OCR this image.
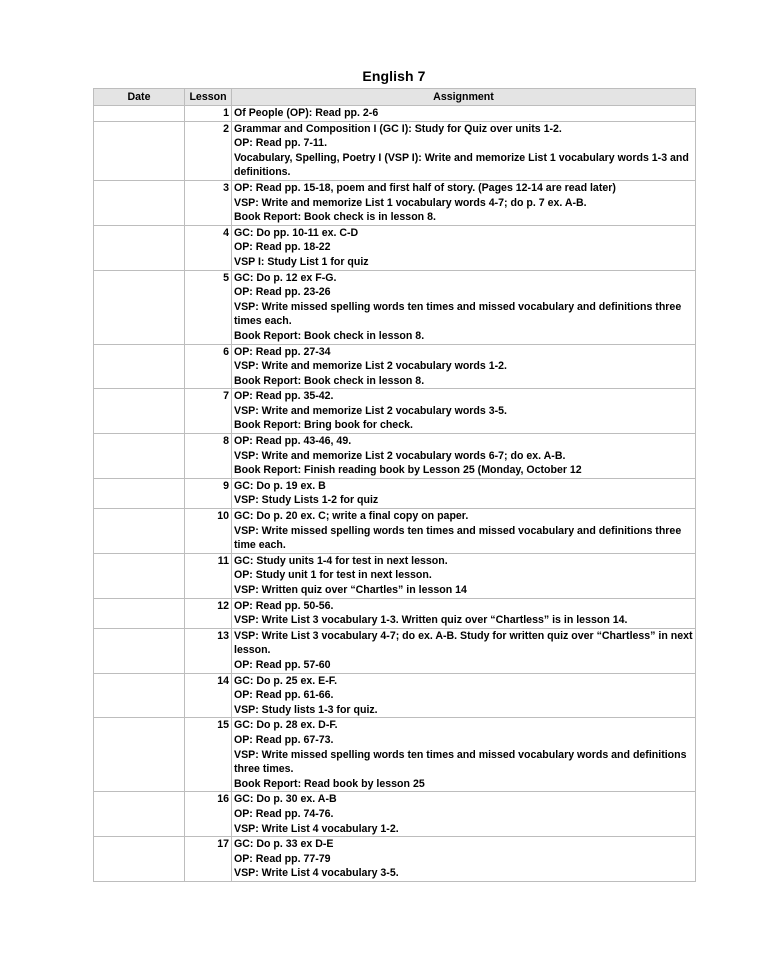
English 7
Date	Lesson	Assignment
	1	Of People (OP): Read pp. 2-6

	2	Grammar and Composition I (GC I): Study for Quiz over units 1-2.
OP: Read pp. 7-11.
Vocabulary, Spelling, Poetry I (VSP I): Write and memorize List 1 vocabulary words 1-3 and definitions.

	3	OP: Read pp. 15-18, poem and first half of story. (Pages 12-14 are read later)
VSP: Write and memorize List 1 vocabulary words 4-7; do p. 7 ex. A-B.
Book Report: Book check is in lesson 8.

	4	GC: Do pp. 10-11 ex. C-D
OP: Read pp. 18-22
VSP I: Study List 1 for quiz

	5	GC: Do p. 12 ex F-G.
OP: Read pp. 23-26
VSP: Write missed spelling words ten times and missed vocabulary and definitions three times each.
Book Report: Book check in lesson 8.

	6	OP: Read pp. 27-34
VSP: Write and memorize List 2 vocabulary words 1-2.
Book Report: Book check in lesson 8.

	7	OP: Read pp. 35-42.
VSP: Write and memorize List 2 vocabulary words 3-5.
Book Report: Bring book for check.

	8	OP: Read pp. 43-46, 49.
VSP: Write and memorize List 2 vocabulary words 6-7; do ex. A-B.
Book Report: Finish reading book by Lesson 25 (Monday, October 12

	9	GC: Do p. 19 ex. B
VSP: Study Lists 1-2 for quiz

	10	GC: Do p. 20 ex. C; write a final copy on paper.
VSP: Write missed spelling words ten times and missed vocabulary and definitions three time each.

	11	GC: Study units 1-4 for test in next lesson.
OP: Study unit 1 for test in next lesson.
VSP: Written quiz over “Chartles” in lesson 14

	12	OP: Read pp. 50-56.
VSP: Write List 3 vocabulary 1-3. Written quiz over “Chartless” is in lesson 14.

	13	VSP: Write List 3 vocabulary 4-7; do ex. A-B. Study for written quiz over “Chartless” in next lesson.
OP: Read pp. 57-60

	14	GC: Do p. 25 ex. E-F.
OP: Read pp. 61-66.
VSP: Study lists 1-3 for quiz.

	15	GC: Do p. 28 ex. D-F.
OP: Read pp. 67-73.
VSP: Write missed spelling words ten times and missed vocabulary words and definitions three times.
Book Report: Read book by lesson 25

	16	GC: Do p. 30 ex. A-B
OP: Read pp. 74-76.
VSP: Write List 4 vocabulary 1-2.

	17	GC: Do p. 33 ex D-E
OP: Read pp. 77-79
VSP: Write List 4 vocabulary 3-5.
